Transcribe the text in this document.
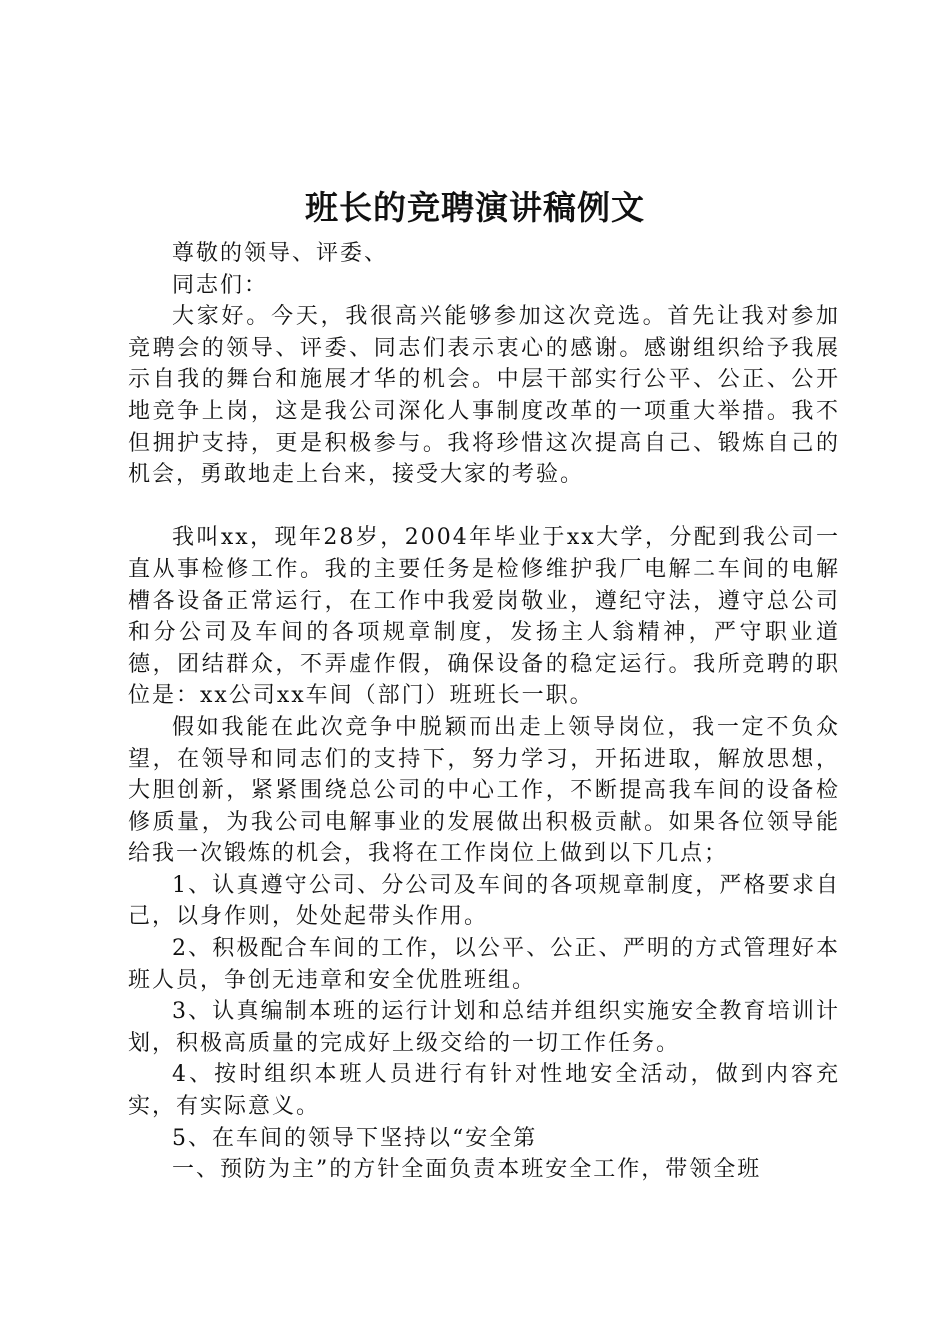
班长的竞聘演讲稿例文

尊敬的领导、评委、

同志们：

大家好。今天，我很高兴能够参加这次竞选。首先让我对参加竞聘会的领导、评委、同志们表示衷心的感谢。感谢组织给予我展示自我的舞台和施展才华的机会。中层干部实行公平、公正、公开地竞争上岗，这是我公司深化人事制度改革的一项重大举措。我不但拥护支持，更是积极参与。我将珍惜这次提高自己、锻炼自己的机会，勇敢地走上台来，接受大家的考验。

我叫xx，现年28岁，2004年毕业于xx大学，分配到我公司一直从事检修工作。我的主要任务是检修维护我厂电解二车间的电解槽各设备正常运行，在工作中我爱岗敬业，遵纪守法，遵守总公司和分公司及车间的各项规章制度，发扬主人翁精神，严守职业道德，团结群众，不弄虚作假，确保设备的稳定运行。我所竞聘的职位是：xx公司xx车间（部门）班班长一职。

假如我能在此次竞争中脱颖而出走上领导岗位，我一定不负众望，在领导和同志们的支持下，努力学习，开拓进取，解放思想，大胆创新，紧紧围绕总公司的中心工作，不断提高我车间的设备检修质量，为我公司电解事业的发展做出积极贡献。如果各位领导能给我一次锻炼的机会，我将在工作岗位上做到以下几点；

1、认真遵守公司、分公司及车间的各项规章制度，严格要求自己，以身作则，处处起带头作用。

2、积极配合车间的工作，以公平、公正、严明的方式管理好本班人员，争创无违章和安全优胜班组。

3、认真编制本班的运行计划和总结并组织实施安全教育培训计划，积极高质量的完成好上级交给的一切工作任务。

4、按时组织本班人员进行有针对性地安全活动，做到内容充实，有实际意义。

5、在车间的领导下坚持以“安全第

一、预防为主”的方针全面负责本班安全工作，带领全班
